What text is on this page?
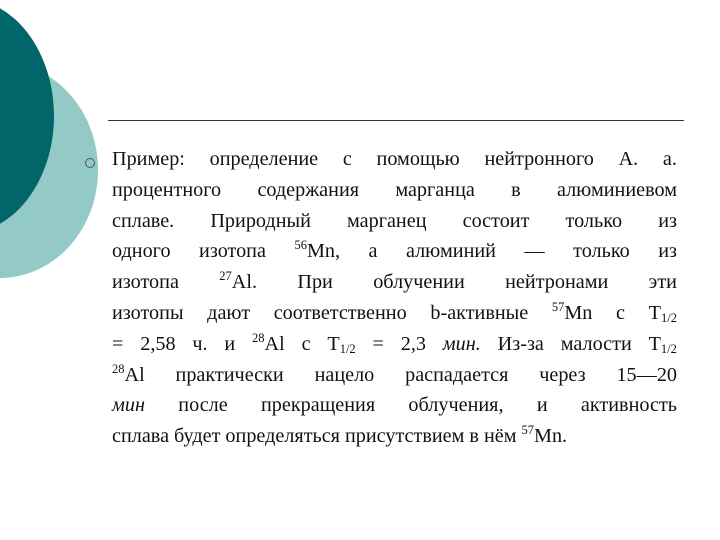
Пример: определение с помощью нейтронного А. а.
процентного содержания марганца в алюминиевом
сплаве. Природный марганец состоит только из
одного изотопа $^{56}$Mn, а алюминий — только из
изотопа	$^{27}$Al. При облучении нейтронами эти
изотопы дают соответственно b-активные $^{57}$Mn с $T_{1/2}$
= 2,58 ч. и $^{28}$Al с $T_{1/2} = 2,3$ мин. Из-за малости $T_{1/2}$
$^{28}$Al практически нацело распадается через 15—20
мин после прекращения облучения, и активность
сплава будет определяться присутствием в нём $^{57}$Mn.
